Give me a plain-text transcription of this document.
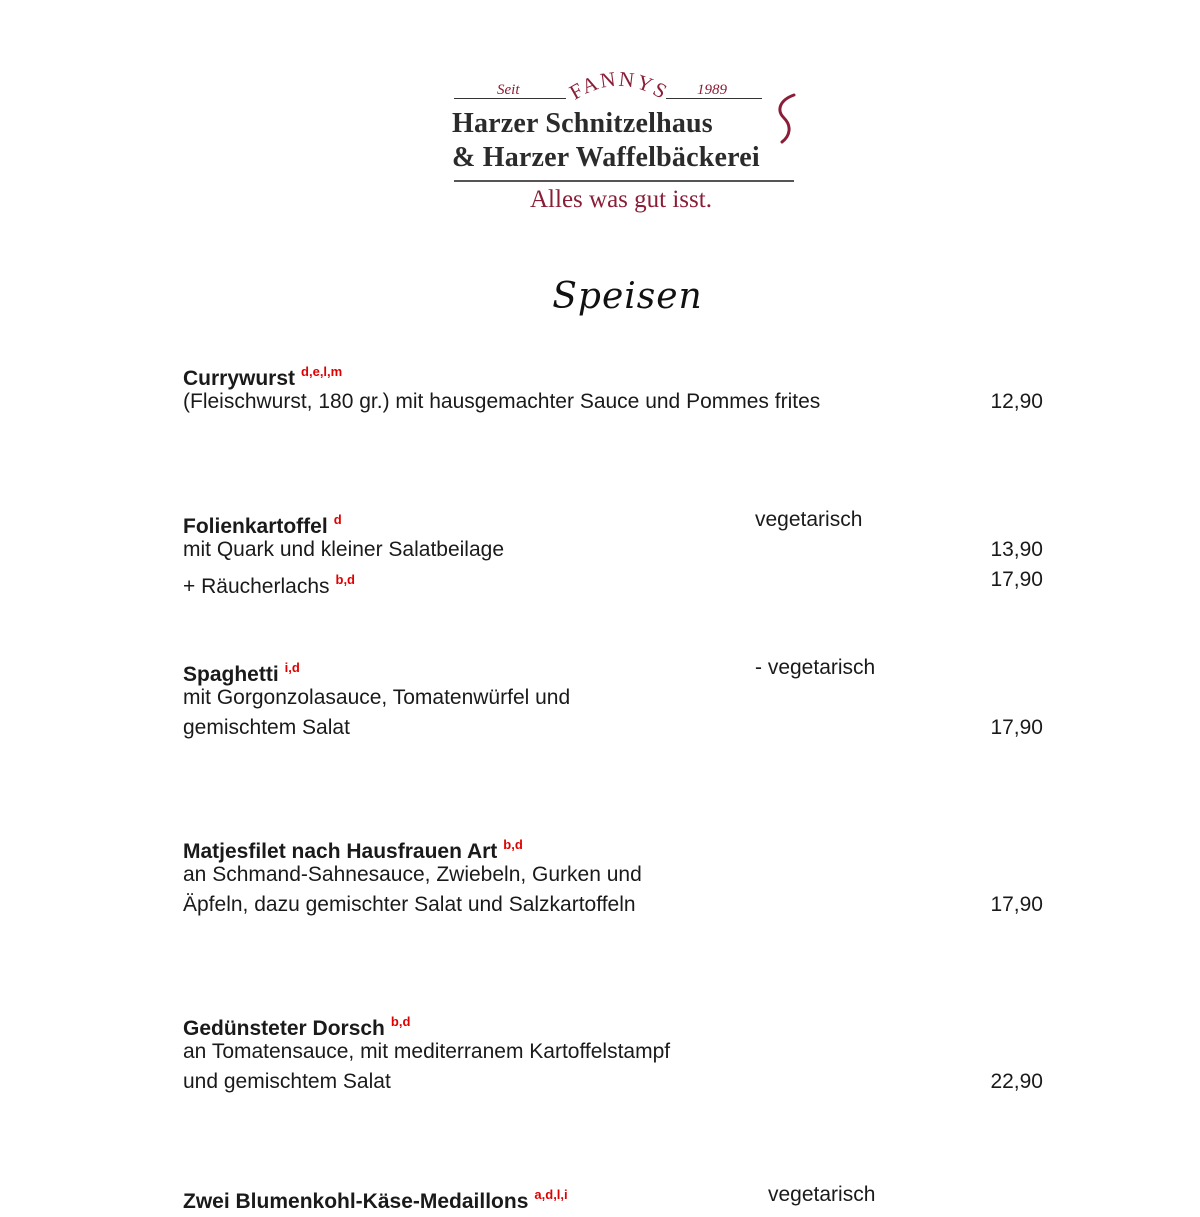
Seit FANNYS 1989
Harzer Schnitzelhaus
& Harzer Waffelbäckerei
Alles was gut isst.
Speisen
Currywurst $^{d,e,l,m}$
(Fleischwurst, 180 gr.) mit hausgemachter Sauce und Pommes frites	12,90
Folienkartoffel $^d$	vegetarisch
mit Quark und kleiner Salatbeilage	13,90
+ Räucherlachs $^{b,d}$	17,90
Spaghetti $^{i,d}$	- vegetarisch
mit Gorgonzolasauce, Tomatenwürfel und
gemischtem Salat	17,90
Matjesfilet nach Hausfrauen Art $^{b,d}$
an Schmand-Sahnesauce, Zwiebeln, Gurken und
Äpfeln, dazu gemischter Salat und Salzkartoffeln	17,90
Gedünsteter Dorsch $^{b,d}$
an Tomatensauce, mit mediterranem Kartoffelstampf
und gemischtem Salat	22,90
Zwei Blumenkohl-Käse-Medaillons $^{a,d,l,i}$	vegetarisch
